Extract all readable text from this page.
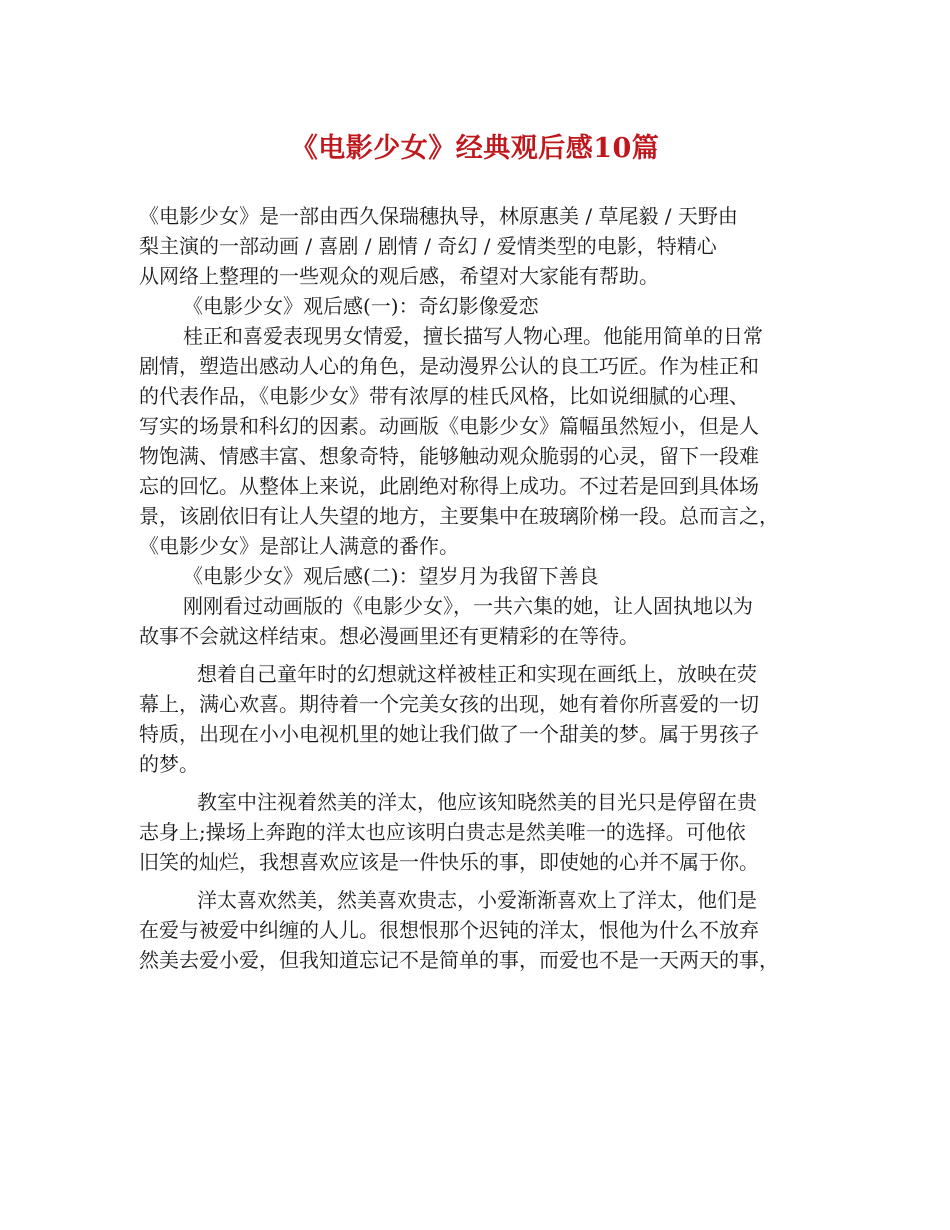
《电影少女》经典观后感10篇
《电影少女》是一部由西久保瑞穗执导，林原惠美 / 草尾毅 / 天野由
梨主演的一部动画 / 喜剧 / 剧情 / 奇幻 / 爱情类型的电影，特精心
从网络上整理的一些观众的观后感，希望对大家能有帮助。
《电影少女》观后感(一)：奇幻影像爱恋
桂正和喜爱表现男女情爱，擅长描写人物心理。他能用简单的日常
剧情，塑造出感动人心的角色，是动漫界公认的良工巧匠。作为桂正和
的代表作品，《电影少女》带有浓厚的桂氏风格，比如说细腻的心理、
写实的场景和科幻的因素。动画版《电影少女》篇幅虽然短小，但是人
物饱满、情感丰富、想象奇特，能够触动观众脆弱的心灵，留下一段难
忘的回忆。从整体上来说，此剧绝对称得上成功。不过若是回到具体场
景，该剧依旧有让人失望的地方，主要集中在玻璃阶梯一段。总而言之，
《电影少女》是部让人满意的番作。
《电影少女》观后感(二)：望岁月为我留下善良
刚刚看过动画版的《电影少女》，一共六集的她，让人固执地以为
故事不会就这样结束。想必漫画里还有更精彩的在等待。
想着自己童年时的幻想就这样被桂正和实现在画纸上，放映在荧
幕上，满心欢喜。期待着一个完美女孩的出现，她有着你所喜爱的一切
特质，出现在小小电视机里的她让我们做了一个甜美的梦。属于男孩子
的梦。
教室中注视着然美的洋太，他应该知晓然美的目光只是停留在贵
志身上;操场上奔跑的洋太也应该明白贵志是然美唯一的选择。可他依
旧笑的灿烂，我想喜欢应该是一件快乐的事，即使她的心并不属于你。
洋太喜欢然美，然美喜欢贵志，小爱渐渐喜欢上了洋太，他们是
在爱与被爱中纠缠的人儿。很想恨那个迟钝的洋太，恨他为什么不放弃
然美去爱小爱，但我知道忘记不是简单的事，而爱也不是一天两天的事，
